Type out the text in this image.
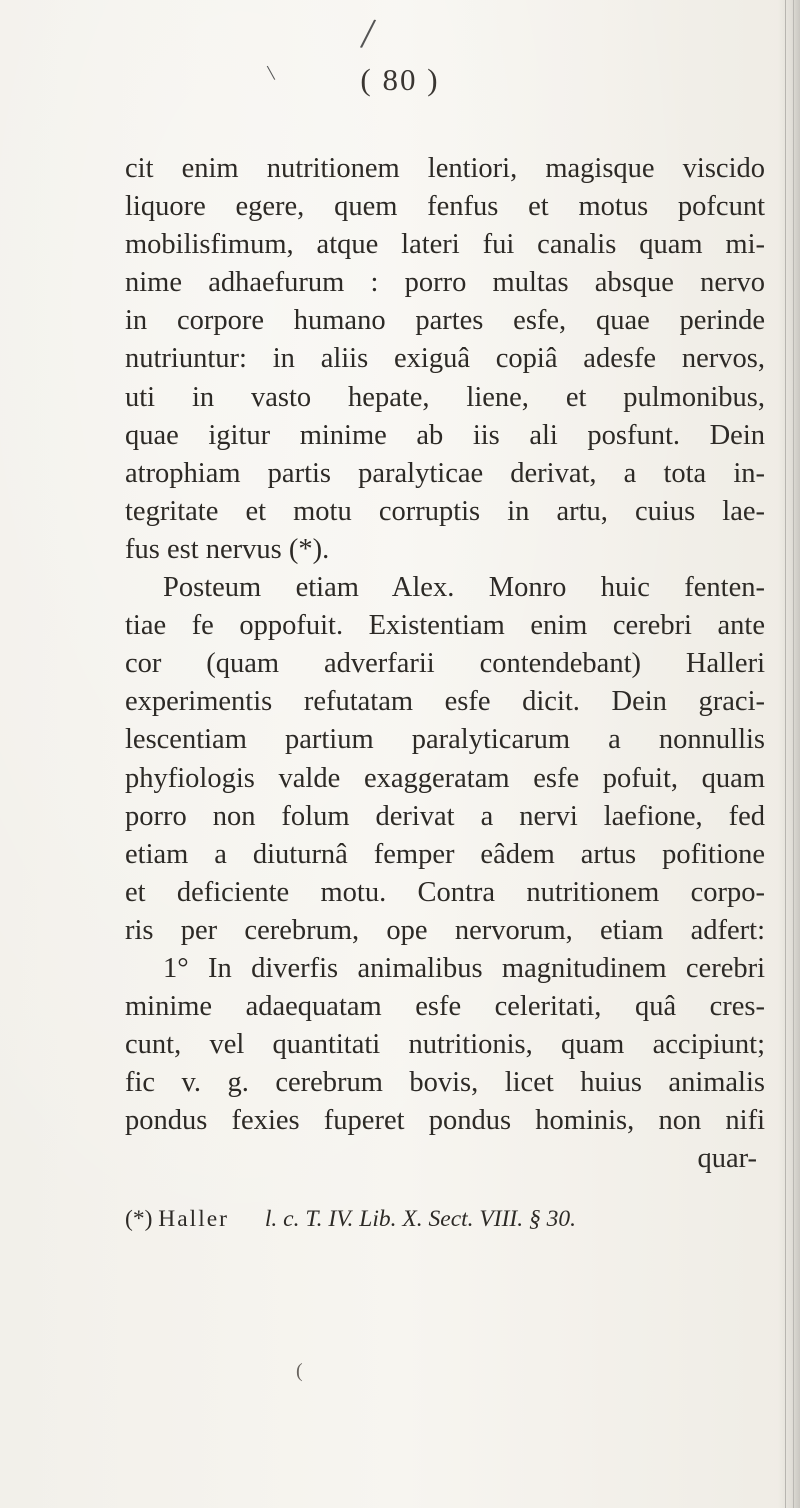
/
\	( 80 )
cit enim nutritionem lentiori, magisque viscido
liquore egere, quem fenfus et motus pofcunt
mobilisfimum, atque lateri fui canalis quam mi-
nime adhaefurum : porro multas absque nervo
in corpore humano partes esfe, quae perinde
nutriuntur: in aliis exiguâ copiâ adesfe nervos,
uti in vasto hepate, liene, et pulmonibus,
quae igitur minime ab iis ali posfunt. Dein
atrophiam partis paralyticae derivat, a tota in-
tegritate et motu corruptis in artu, cuius lae-
fus est nervus (*).
Posteum etiam Alex. Monro huic fenten-
tiae fe oppofuit. Existentiam enim cerebri ante
cor (quam adverfarii contendebant) Halleri
experimentis refutatam esfe dicit. Dein graci-
lescentiam partium paralyticarum a nonnullis
phyfiologis valde exaggeratam esfe pofuit, quam
porro non folum derivat a nervi laefione, fed
etiam a diuturnâ femper eâdem artus pofitione
et deficiente motu. Contra nutritionem corpo-
ris per cerebrum, ope nervorum, etiam adfert:
1° In diverfis animalibus magnitudinem cerebri
minime adaequatam esfe celeritati, quâ cres-
cunt, vel quantitati nutritionis, quam accipiunt;
fic v. g. cerebrum bovis, licet huius animalis
pondus fexies fuperet pondus hominis, non nifi
quar-
(*) Haller l. c. T. IV. Lib. X. Sect. VIII. § 30.
(
